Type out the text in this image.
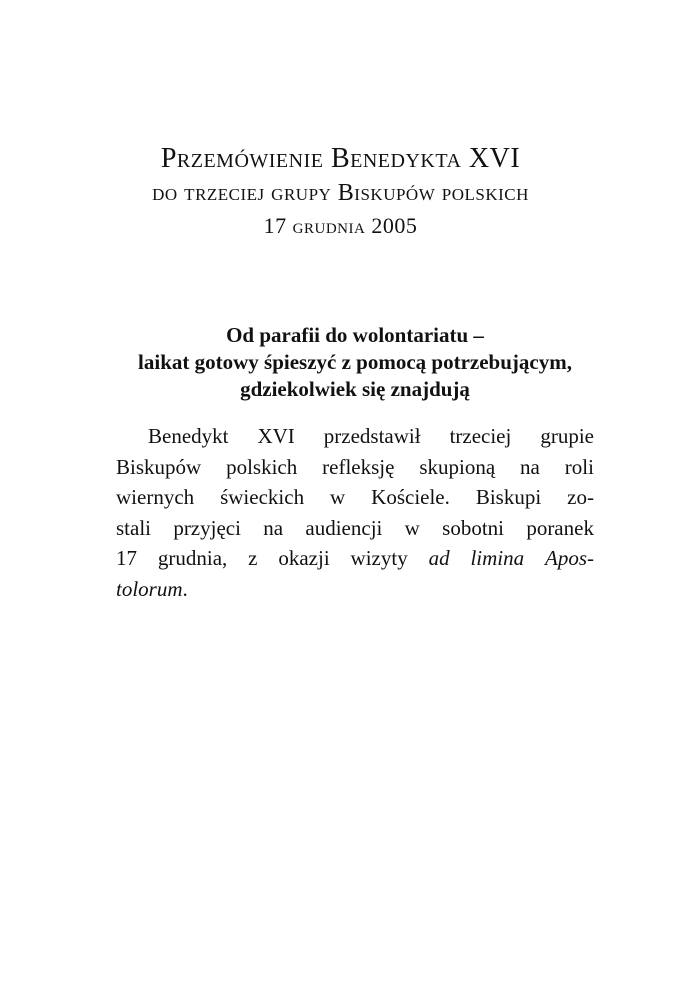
Przemówienie Benedykta XVI
do trzeciej grupy Biskupów polskich
17 grudnia 2005
Od parafii do wolontariatu –
laikat gotowy śpieszyć z pomocą potrzebującym,
gdziekolwiek się znajdują
Benedykt XVI przedstawił trzeciej grupie
Biskupów polskich refleksję skupioną na roli
wiernych świeckich w Kościele. Biskupi zo-
stali przyjęci na audiencji w sobotni poranek
17 grudnia, z okazji wizyty ad limina Apos-
tolorum.
